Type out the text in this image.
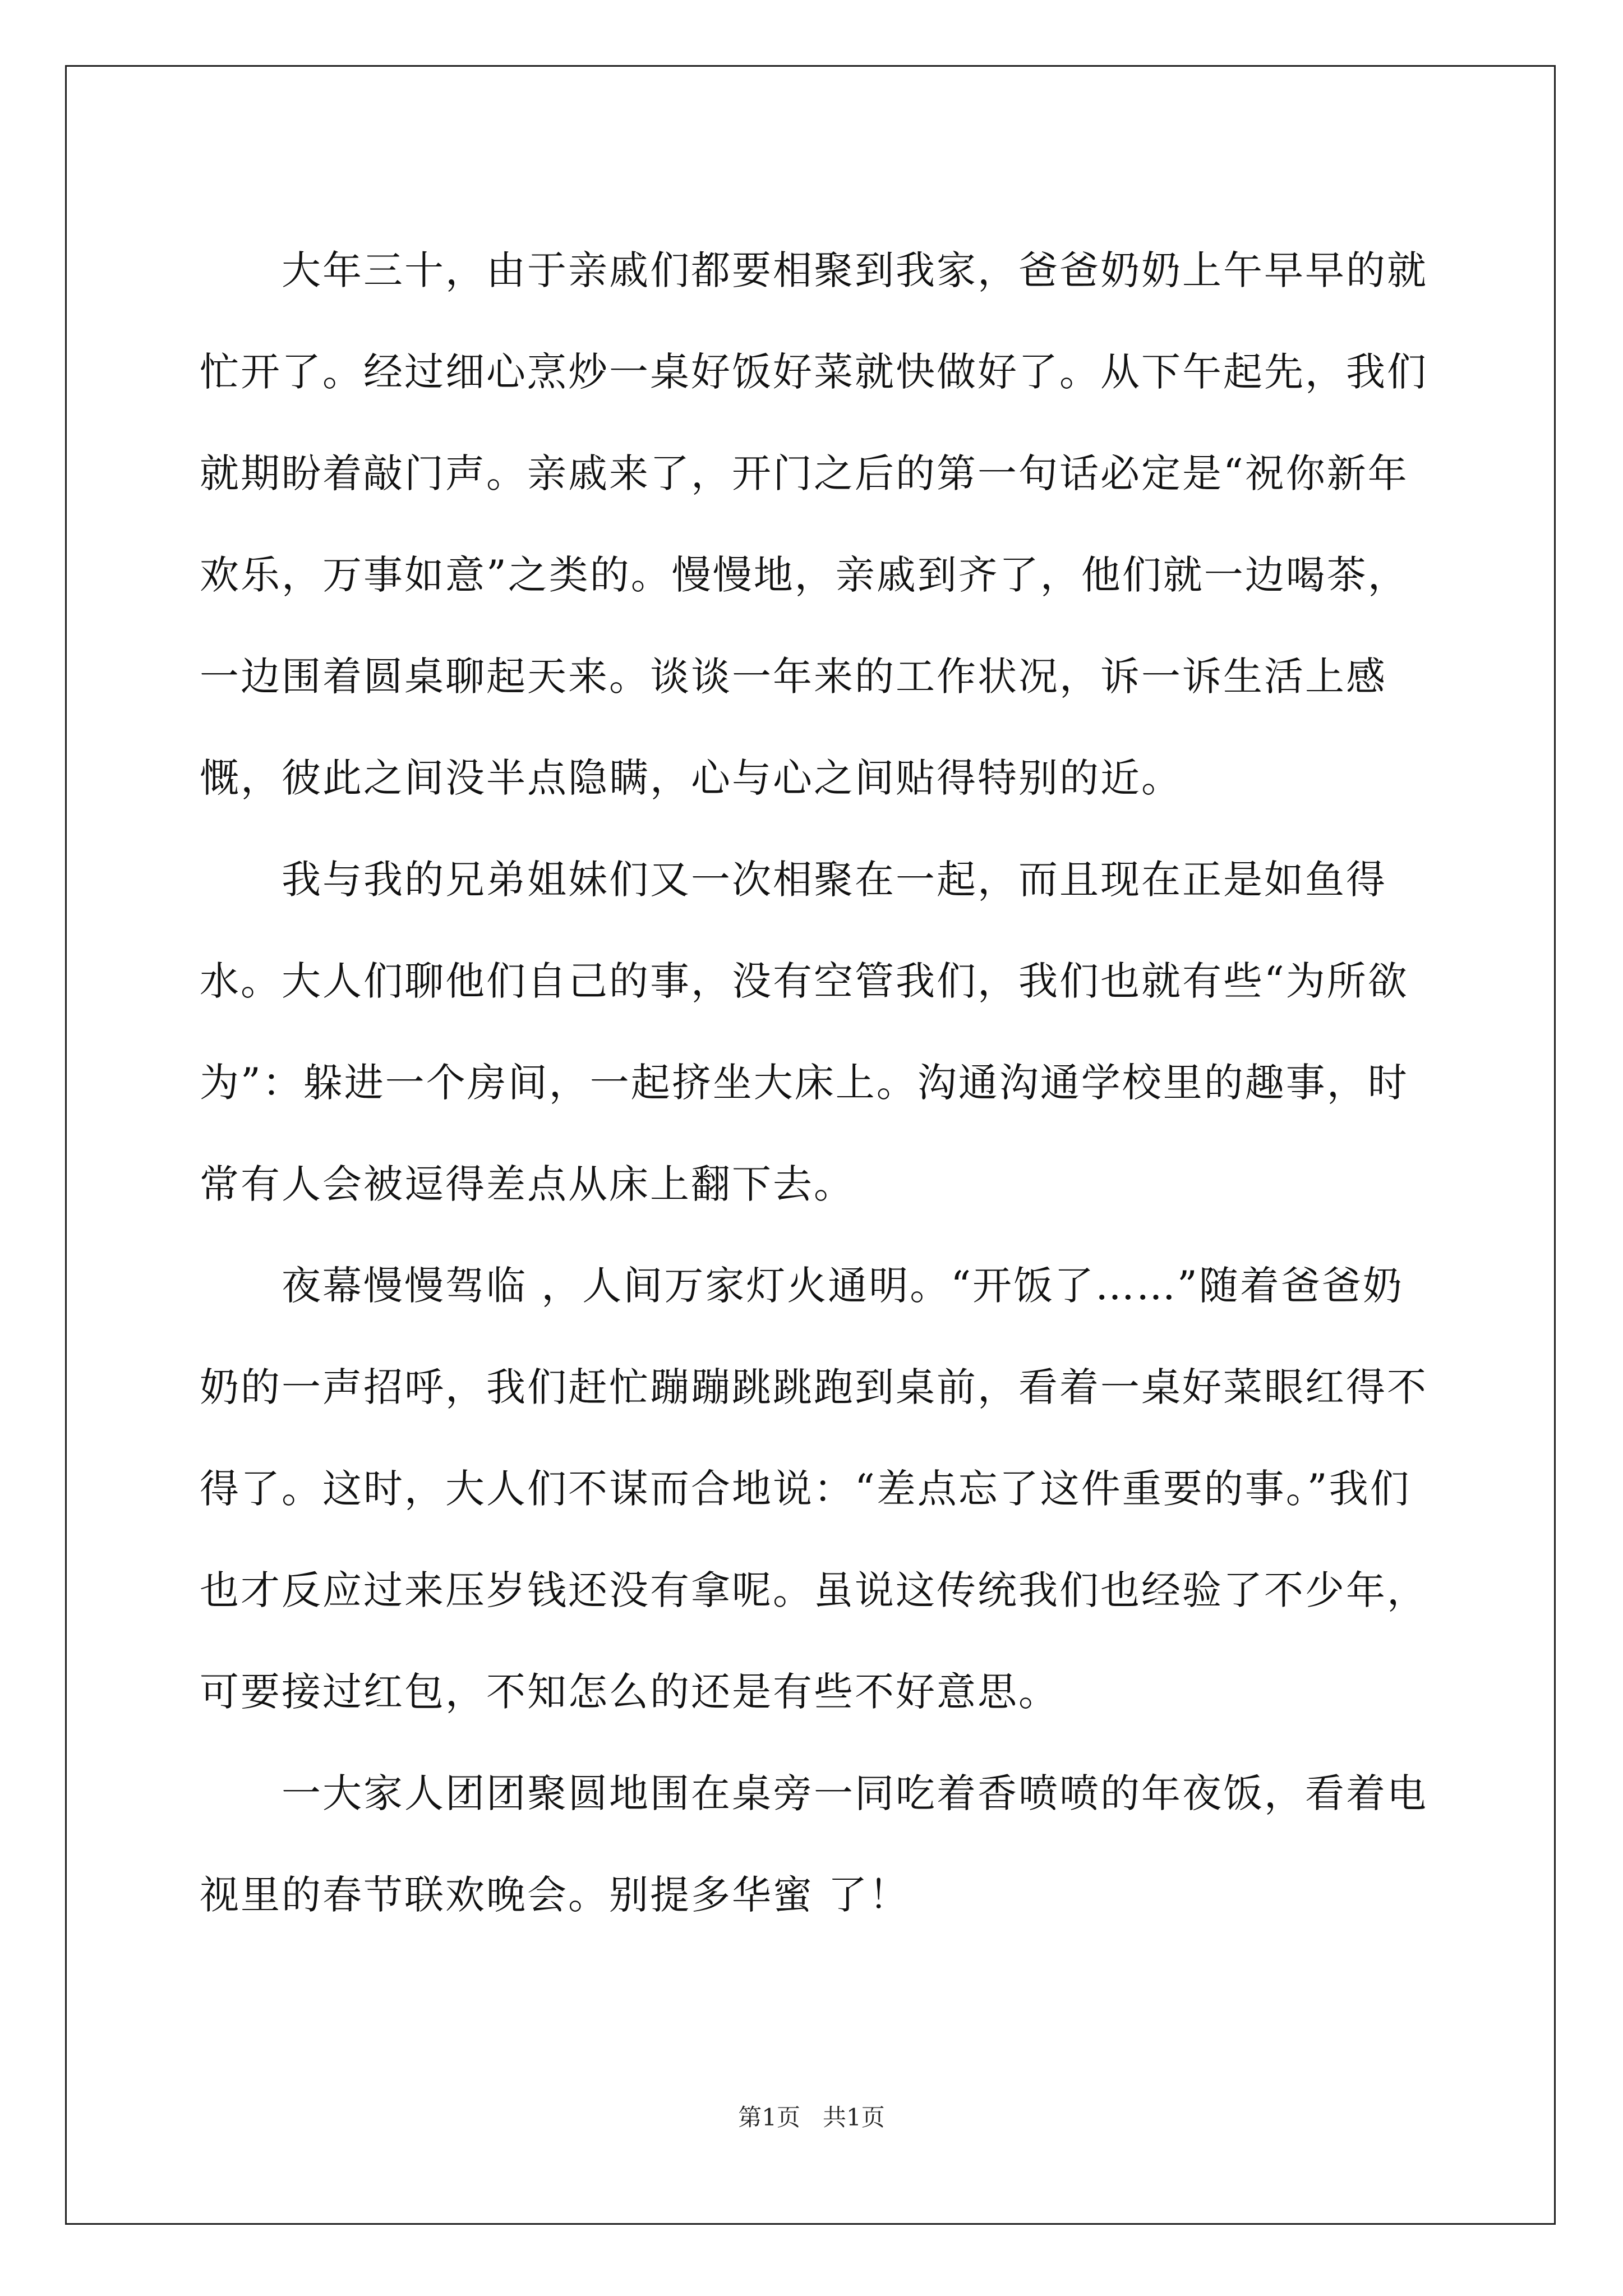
大年三十，由于亲戚们都要相聚到我家，爸爸奶奶上午早早的就忙开了。经过细心烹炒一桌好饭好菜就快做好了。从下午起先，我们就期盼着敲门声。亲戚来了，开门之后的第一句话必定是“祝你新年欢乐，万事如意”之类的。慢慢地，亲戚到齐了，他们就一边喝茶，一边围着圆桌聊起天来。谈谈一年来的工作状况，诉一诉生活上感慨，彼此之间没半点隐瞒，心与心之间贴得特别的近。

我与我的兄弟姐妹们又一次相聚在一起，而且现在正是如鱼得水。大人们聊他们自己的事，没有空管我们，我们也就有些“为所欲为”：躲进一个房间，一起挤坐大床上。沟通沟通学校里的趣事，时常有人会被逗得差点从床上翻下去。

夜幕慢慢驾临 ，人间万家灯火通明。“开饭了……”随着爸爸奶奶的一声招呼，我们赶忙蹦蹦跳跳跑到桌前，看着一桌好菜眼红得不得了。这时，大人们不谋而合地说：“差点忘了这件重要的事。”我们也才反应过来压岁钱还没有拿呢。虽说这传统我们也经验了不少年，可要接过红包，不知怎么的还是有些不好意思。

一大家人团团聚圆地围在桌旁一同吃着香喷喷的年夜饭，看着电视里的春节联欢晚会。别提多华蜜 了！

第1页 共1页
